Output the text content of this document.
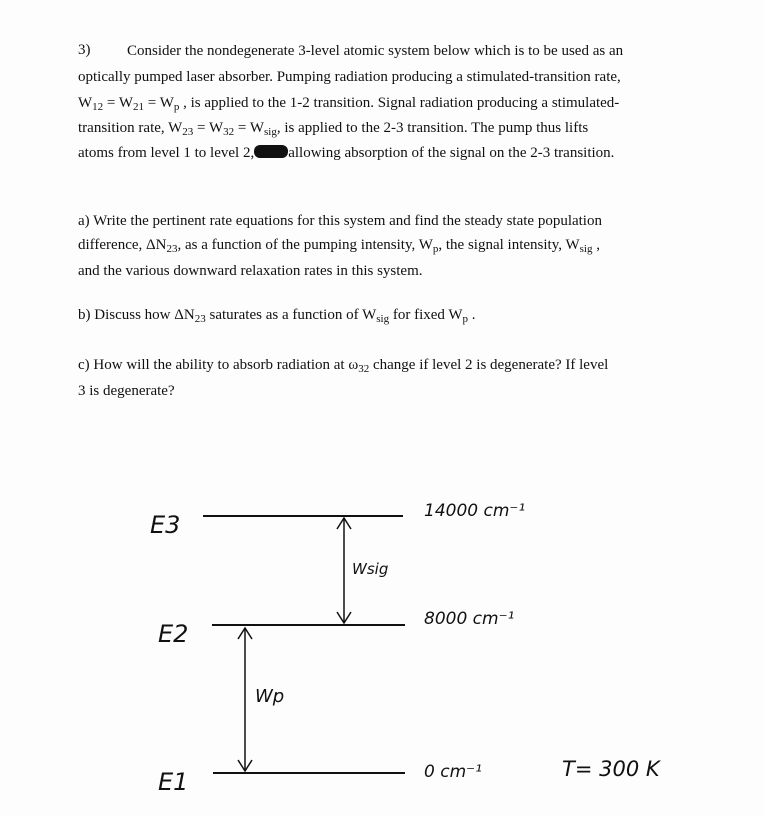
3) Consider the nondegenerate 3-level atomic system below which is to be used as an
optically pumped laser absorber. Pumping radiation producing a stimulated-transition rate,
$W_{12} = W_{21} = W_p$ , is applied to the 1-2 transition. Signal radiation producing a stimulated-
transition rate, $W_{23} = W_{32} = W_{sig}$, is applied to the 2-3 transition. The pump thus lifts
atoms from level 1 to level 2, allowing absorption of the signal on the 2-3 transition.
a) Write the pertinent rate equations for this system and find the steady state population
difference, $\Delta N_{23}$, as a function of the pumping intensity, $W_p$, the signal intensity, $W_{sig}$ ,
and the various downward relaxation rates in this system.
b) Discuss how $\Delta N_{23}$ saturates as a function of $W_{sig}$ for fixed $W_p$ .
c) How will the ability to absorb radiation at $\omega_{32}$ change if level 2 is degenerate? If level
3 is degenerate?
E3
E2
E1
14000 cm⁻¹
8000 cm⁻¹
0 cm⁻¹
Wsig
Wp
T= 300 K
